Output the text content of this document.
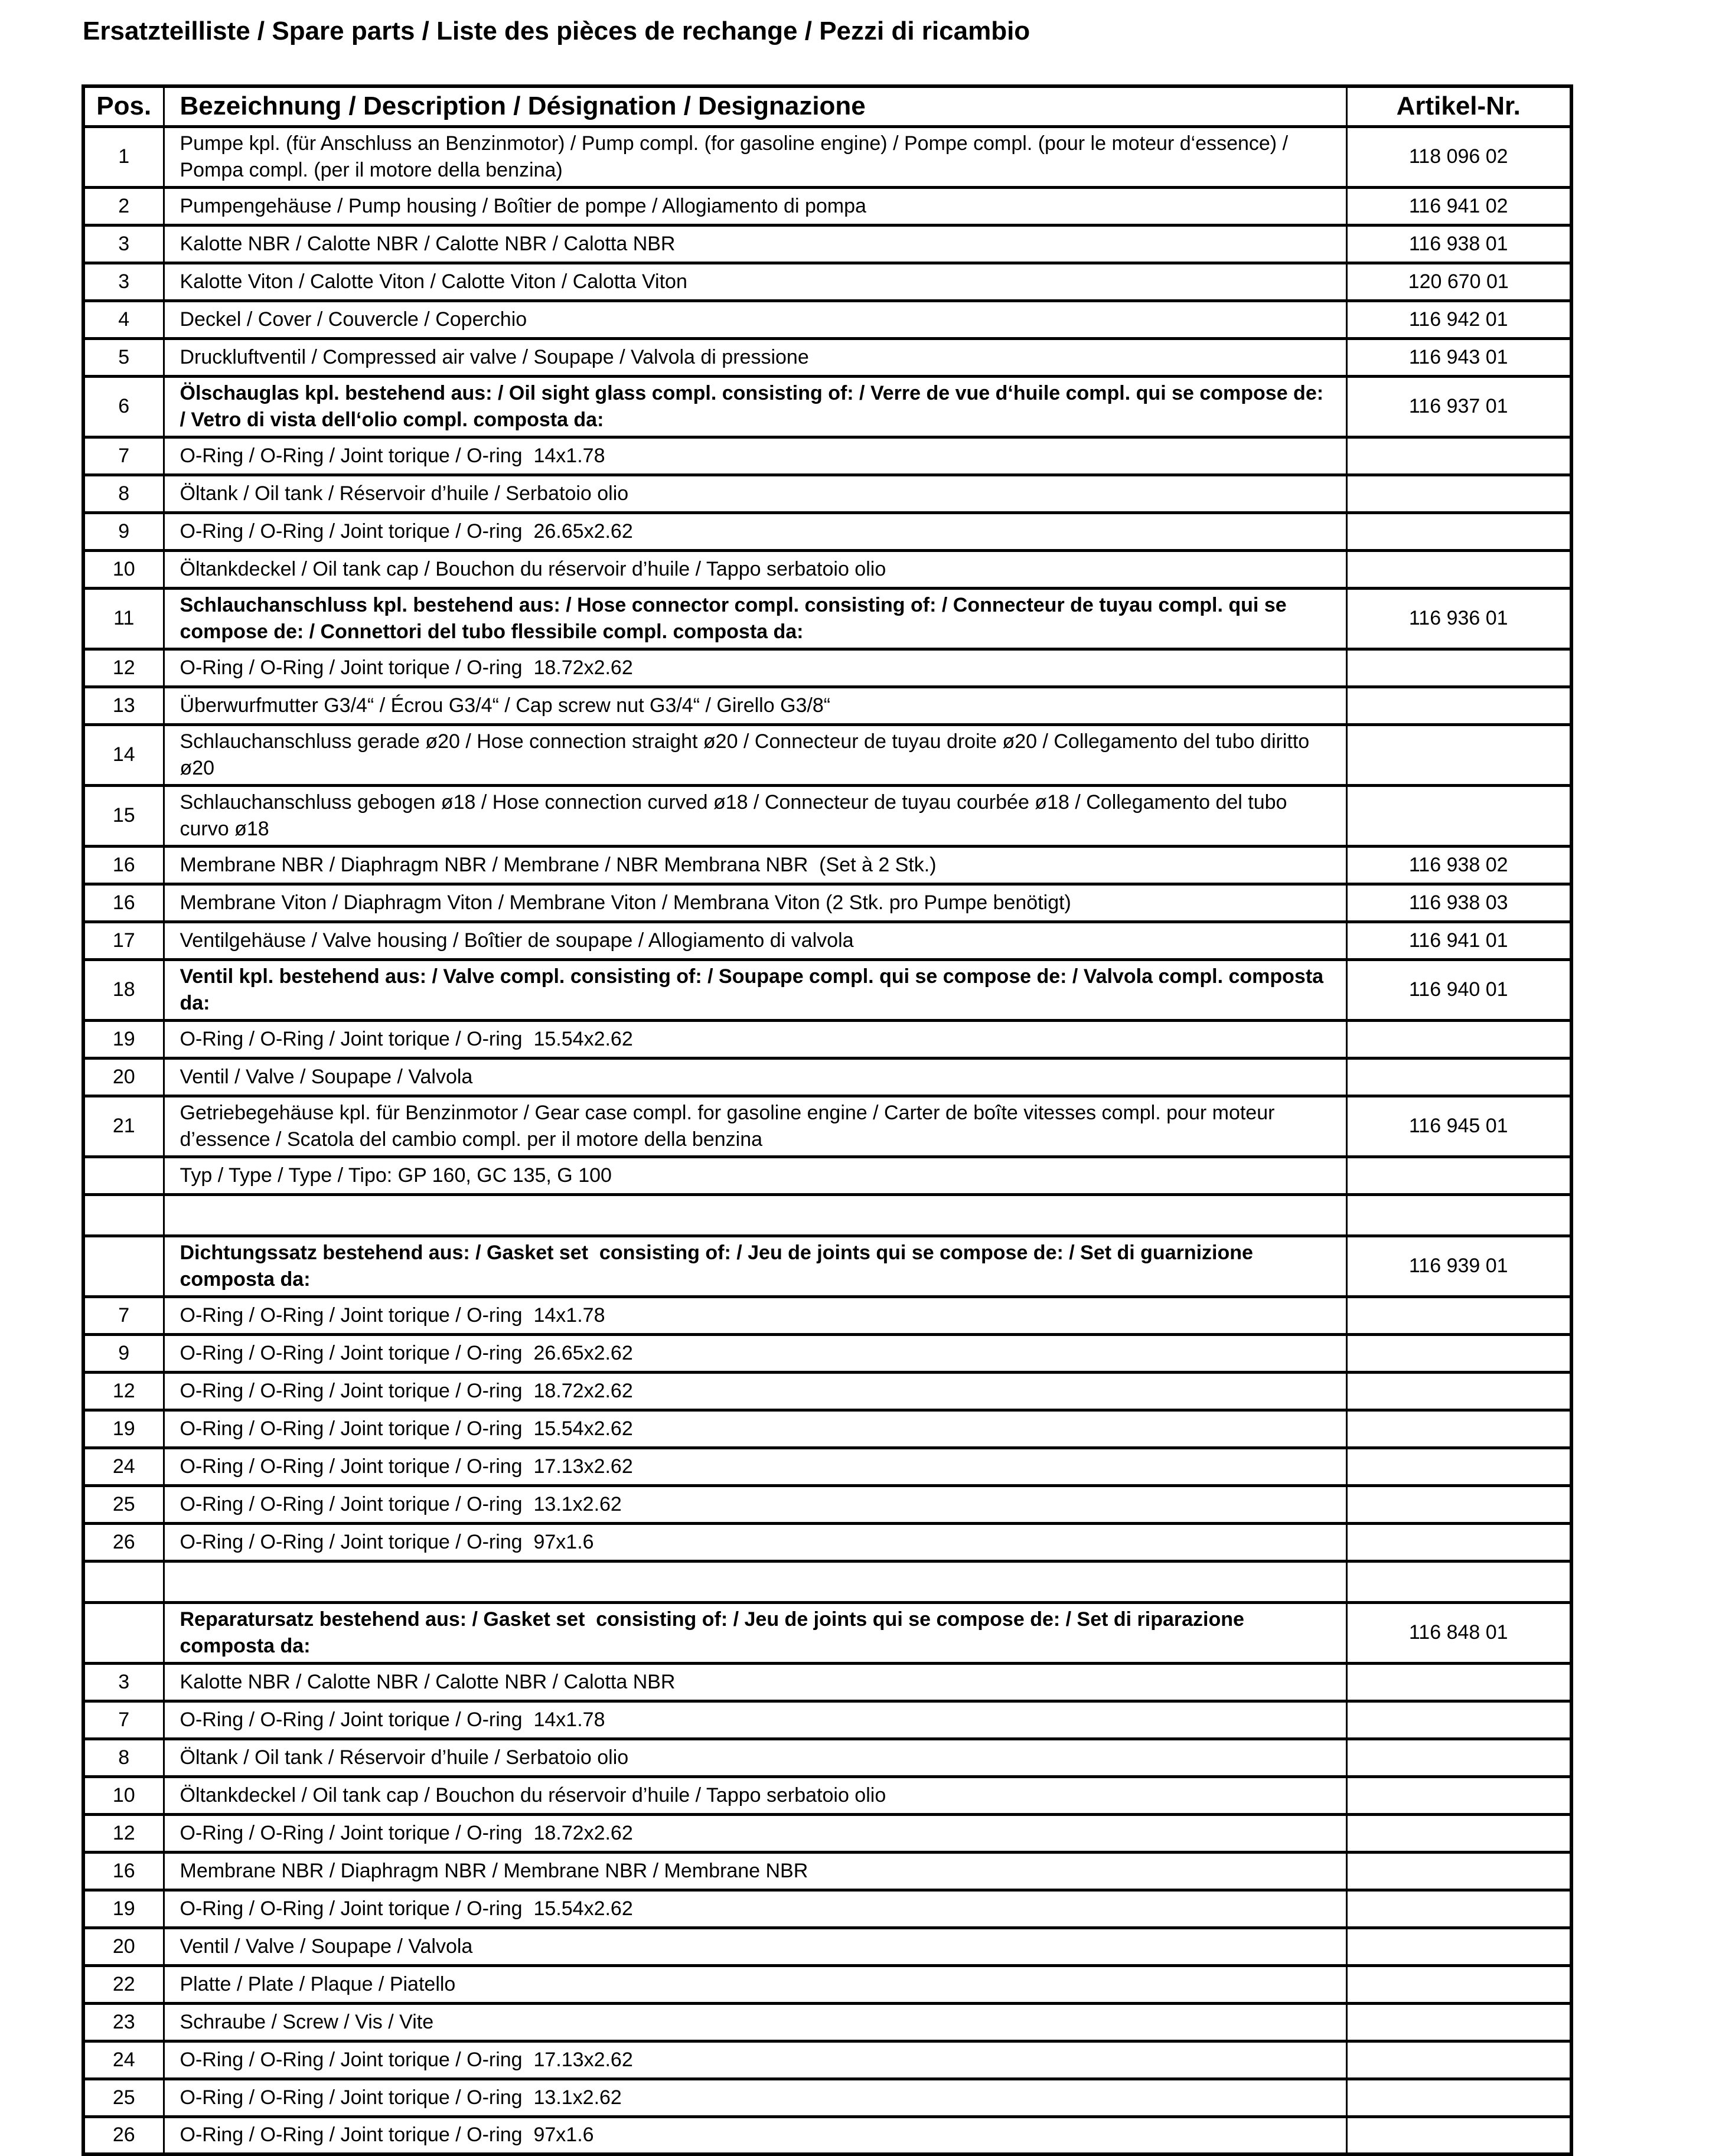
Ersatzteilliste / Spare parts / Liste des pièces de rechange / Pezzi di ricambio
Pos.	Bezeichnung / Description / Désignation / Designazione	Artikel-Nr.
1	Pumpe kpl. (für Anschluss an Benzinmotor) / Pump compl. (for gasoline engine) / Pompe compl. (pour le moteur d‘essence) / Pompa compl. (per il motore della benzina)	118 096 02
2	Pumpengehäuse / Pump housing / Boîtier de pompe / Allogiamento di pompa	116 941 02
3	Kalotte NBR / Calotte NBR / Calotte NBR / Calotta NBR	116 938 01
3	Kalotte Viton / Calotte Viton / Calotte Viton / Calotta Viton	120 670 01
4	Deckel / Cover / Couvercle / Coperchio	116 942 01
5	Druckluftventil / Compressed air valve / Soupape / Valvola di pressione	116 943 01
6	Ölschauglas kpl. bestehend aus: / Oil sight glass compl. consisting of: / Verre de vue d‘huile compl. qui se compose de: / Vetro di vista dell‘olio compl. composta da:	116 937 01
7	O-Ring / O-Ring / Joint torique / O-ring  14x1.78	
8	Öltank / Oil tank / Réservoir d’huile / Serbatoio olio	
9	O-Ring / O-Ring / Joint torique / O-ring  26.65x2.62	
10	Öltankdeckel / Oil tank cap / Bouchon du réservoir d’huile / Tappo serbatoio olio	
11	Schlauchanschluss kpl. bestehend aus: / Hose connector compl. consisting of: / Connecteur de tuyau compl. qui se compose de: / Connettori del tubo flessibile compl. composta da:	116 936 01
12	O-Ring / O-Ring / Joint torique / O-ring  18.72x2.62	
13	Überwurfmutter G3/4“ / Écrou G3/4“ / Cap screw nut G3/4“ / Girello G3/8“	
14	Schlauchanschluss gerade ø20 / Hose connection straight ø20 / Connecteur de tuyau droite ø20 / Collegamento del tubo diritto ø20	
15	Schlauchanschluss gebogen ø18 / Hose connection curved ø18 / Connecteur de tuyau courbée ø18 / Collegamento del tubo curvo ø18	
16	Membrane NBR / Diaphragm NBR / Membrane / NBR Membrana NBR  (Set à 2 Stk.)	116 938 02
16	Membrane Viton / Diaphragm Viton / Membrane Viton / Membrana Viton (2 Stk. pro Pumpe benötigt)	116 938 03
17	Ventilgehäuse / Valve housing / Boîtier de soupape / Allogiamento di valvola	116 941 01
18	Ventil kpl. bestehend aus: / Valve compl. consisting of: / Soupape compl. qui se compose de: / Valvola compl. composta da:	116 940 01
19	O-Ring / O-Ring / Joint torique / O-ring  15.54x2.62	
20	Ventil / Valve / Soupape / Valvola	
21	Getriebegehäuse kpl. für Benzinmotor / Gear case compl. for gasoline engine / Carter de boîte vitesses compl. pour moteur d’essence / Scatola del cambio compl. per il motore della benzina	116 945 01
	Typ / Type / Type / Tipo: GP 160, GC 135, G 100	

	Dichtungssatz bestehend aus: / Gasket set  consisting of: / Jeu de joints qui se compose de: / Set di guarnizione composta da:	116 939 01
7	O-Ring / O-Ring / Joint torique / O-ring  14x1.78	
9	O-Ring / O-Ring / Joint torique / O-ring  26.65x2.62	
12	O-Ring / O-Ring / Joint torique / O-ring  18.72x2.62	
19	O-Ring / O-Ring / Joint torique / O-ring  15.54x2.62	
24	O-Ring / O-Ring / Joint torique / O-ring  17.13x2.62	
25	O-Ring / O-Ring / Joint torique / O-ring  13.1x2.62	
26	O-Ring / O-Ring / Joint torique / O-ring  97x1.6	

	Reparatursatz bestehend aus: / Gasket set  consisting of: / Jeu de joints qui se compose de: / Set di riparazione composta da:	116 848 01
3	Kalotte NBR / Calotte NBR / Calotte NBR / Calotta NBR	
7	O-Ring / O-Ring / Joint torique / O-ring  14x1.78	
8	Öltank / Oil tank / Réservoir d’huile / Serbatoio olio	
10	Öltankdeckel / Oil tank cap / Bouchon du réservoir d’huile / Tappo serbatoio olio	
12	O-Ring / O-Ring / Joint torique / O-ring  18.72x2.62	
16	Membrane NBR / Diaphragm NBR / Membrane NBR / Membrane NBR	
19	O-Ring / O-Ring / Joint torique / O-ring  15.54x2.62	
20	Ventil / Valve / Soupape / Valvola	
22	Platte / Plate / Plaque / Piatello	
23	Schraube / Screw / Vis / Vite	
24	O-Ring / O-Ring / Joint torique / O-ring  17.13x2.62	
25	O-Ring / O-Ring / Joint torique / O-ring  13.1x2.62	
26	O-Ring / O-Ring / Joint torique / O-ring  97x1.6	
